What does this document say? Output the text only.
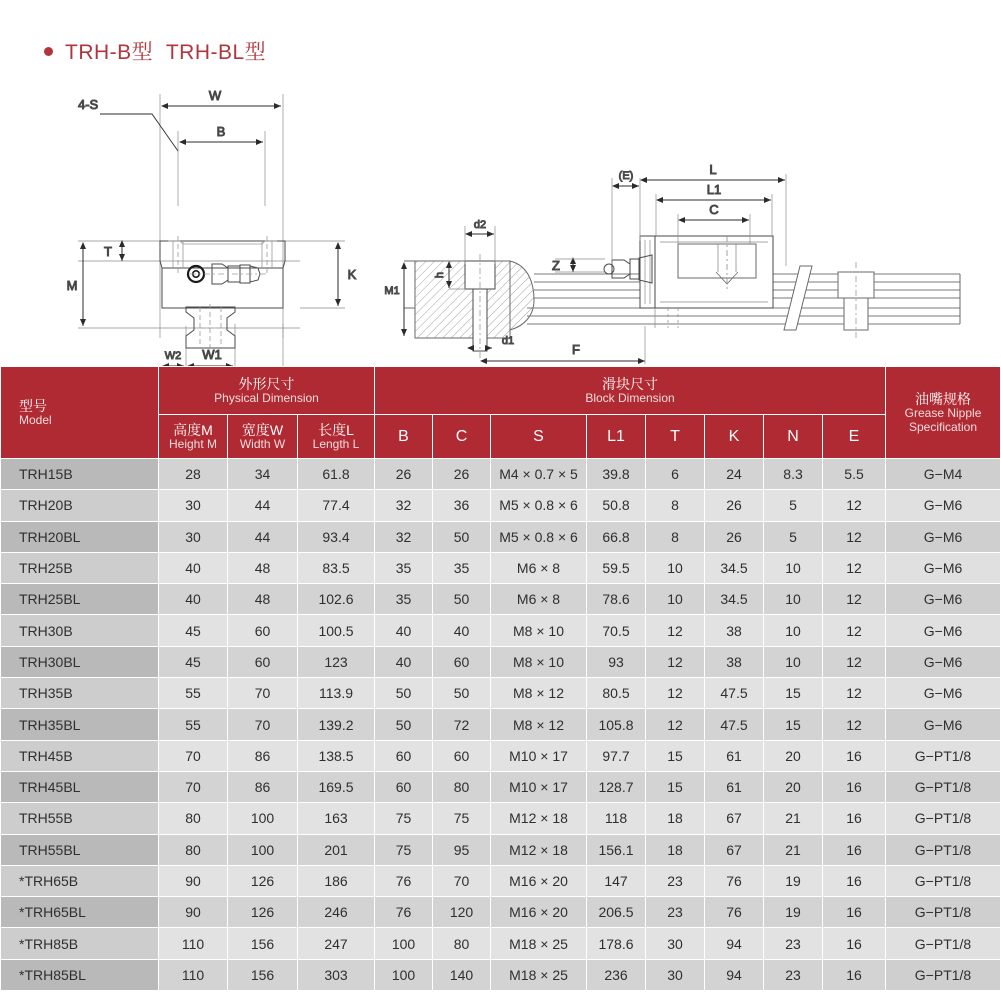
TRH-B型  TRH-BL型
W
B
4-S
T
M
K
W2 W1
d2
h
M1
d1
F
(E)	L
L1
C
Z
型号
Model	外形尺寸
Physical Dimension			滑块尺寸
Block Dimension								油嘴规格
Grease Nipple Specification

	高度M
Height M	宽度W
Width W	长度L
Length L	B	C	S	L1	T	K	N	E	
TRH15B	28	34	61.8	26	26	M4 × 0.7 × 5	39.8	6	24	8.3	5.5	G−M4
TRH20B	30	44	77.4	32	36	M5 × 0.8 × 6	50.8	8	26	5	12	G−M6
TRH20BL	30	44	93.4	32	50	M5 × 0.8 × 6	66.8	8	26	5	12	G−M6
TRH25B	40	48	83.5	35	35	M6 × 8	59.5	10	34.5	10	12	G−M6
TRH25BL	40	48	102.6	35	50	M6 × 8	78.6	10	34.5	10	12	G−M6
TRH30B	45	60	100.5	40	40	M8 × 10	70.5	12	38	10	12	G−M6
TRH30BL	45	60	123	40	60	M8 × 10	93	12	38	10	12	G−M6
TRH35B	55	70	113.9	50	50	M8 × 12	80.5	12	47.5	15	12	G−M6
TRH35BL	55	70	139.2	50	72	M8 × 12	105.8	12	47.5	15	12	G−M6
TRH45B	70	86	138.5	60	60	M10 × 17	97.7	15	61	20	16	G−PT1/8
TRH45BL	70	86	169.5	60	80	M10 × 17	128.7	15	61	20	16	G−PT1/8
TRH55B	80	100	163	75	75	M12 × 18	118	18	67	21	16	G−PT1/8
TRH55BL	80	100	201	75	95	M12 × 18	156.1	18	67	21	16	G−PT1/8
*TRH65B	90	126	186	76	70	M16 × 20	147	23	76	19	16	G−PT1/8
*TRH65BL	90	126	246	76	120	M16 × 20	206.5	23	76	19	16	G−PT1/8
*TRH85B	110	156	247	100	80	M18 × 25	178.6	30	94	23	16	G−PT1/8
*TRH85BL	110	156	303	100	140	M18 × 25	236	30	94	23	16	G−PT1/8
